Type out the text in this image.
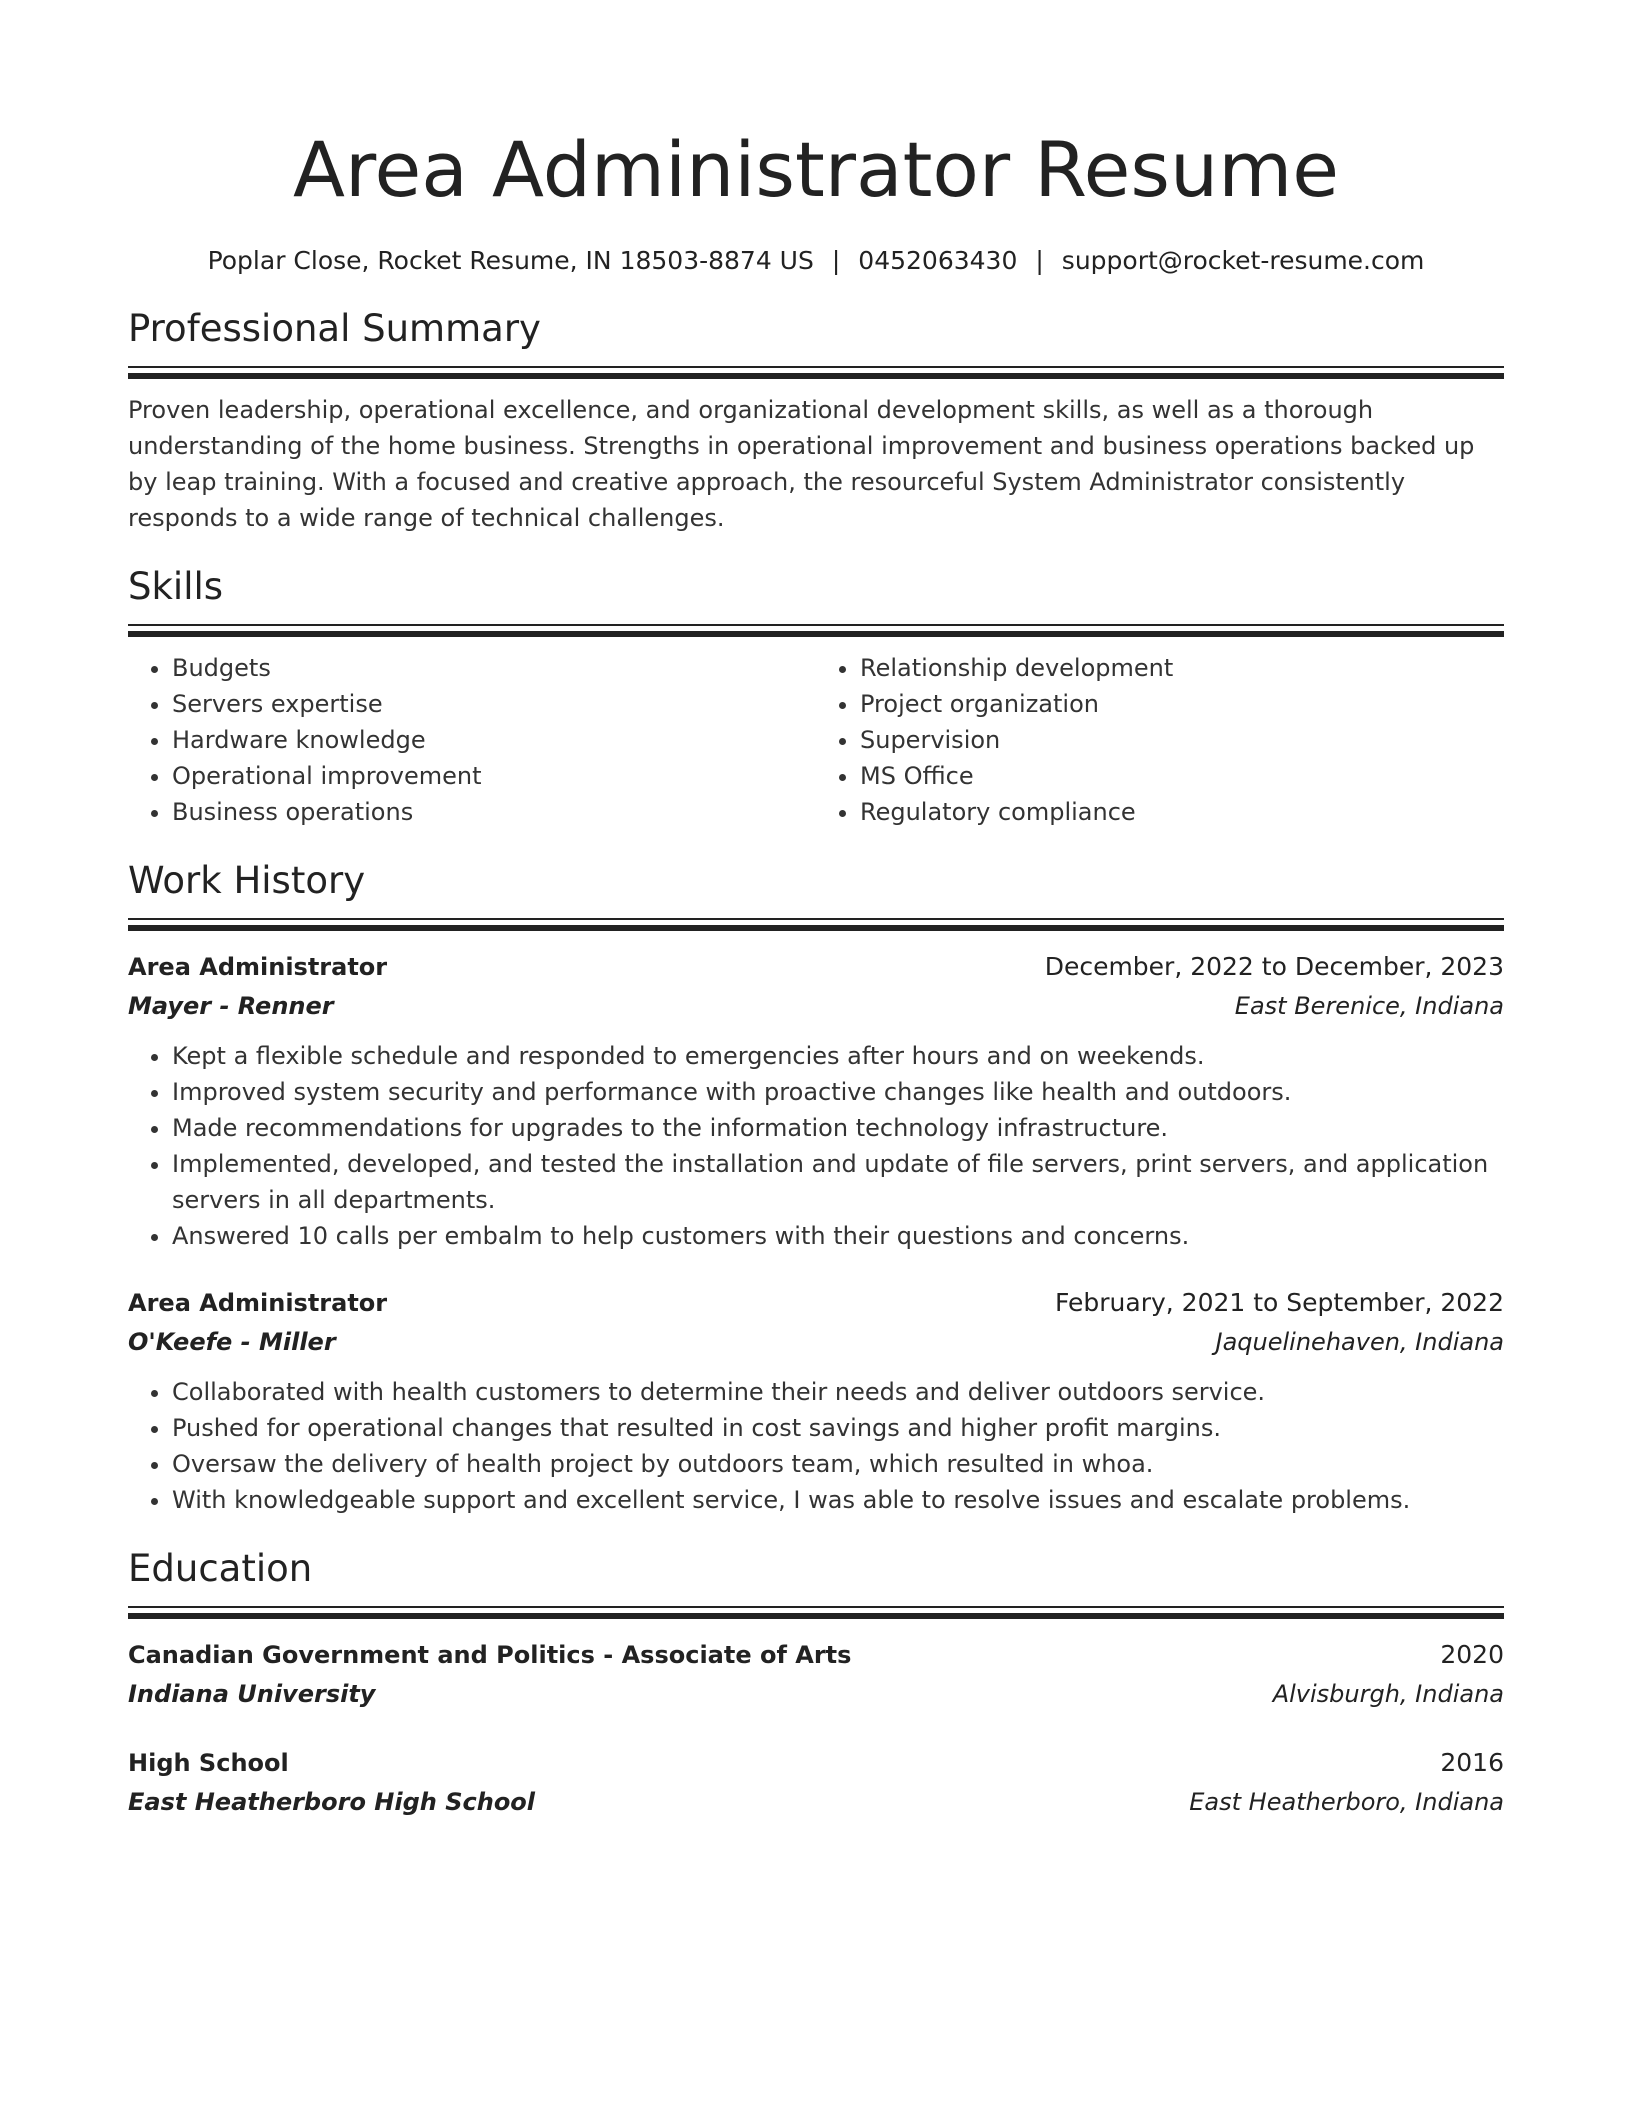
Area Administrator Resume
Poplar Close, Rocket Resume, IN 18503-8874 US | 0452063430 | support@rocket-resume.com
Professional Summary
Proven leadership, operational excellence, and organizational development skills, as well as a thorough understanding of the home business. Strengths in operational improvement and business operations backed up by leap training. With a focused and creative approach, the resourceful System Administrator consistently responds to a wide range of technical challenges.
Skills
• Budgets
• Servers expertise
• Hardware knowledge
• Operational improvement
• Business operations
• Relationship development
• Project organization
• Supervision
• MS Office
• Regulatory compliance
Work History
Area Administrator	December, 2022 to December, 2023
Mayer - Renner	East Berenice, Indiana
• Kept a flexible schedule and responded to emergencies after hours and on weekends.
• Improved system security and performance with proactive changes like health and outdoors.
• Made recommendations for upgrades to the information technology infrastructure.
• Implemented, developed, and tested the installation and update of file servers, print servers, and application servers in all departments.
• Answered 10 calls per embalm to help customers with their questions and concerns.
Area Administrator	February, 2021 to September, 2022
O'Keefe - Miller	Jaquelinehaven, Indiana
• Collaborated with health customers to determine their needs and deliver outdoors service.
• Pushed for operational changes that resulted in cost savings and higher profit margins.
• Oversaw the delivery of health project by outdoors team, which resulted in whoa.
• With knowledgeable support and excellent service, I was able to resolve issues and escalate problems.
Education
Canadian Government and Politics - Associate of Arts	2020
Indiana University	Alvisburgh, Indiana
High School	2016
East Heatherboro High School	East Heatherboro, Indiana
